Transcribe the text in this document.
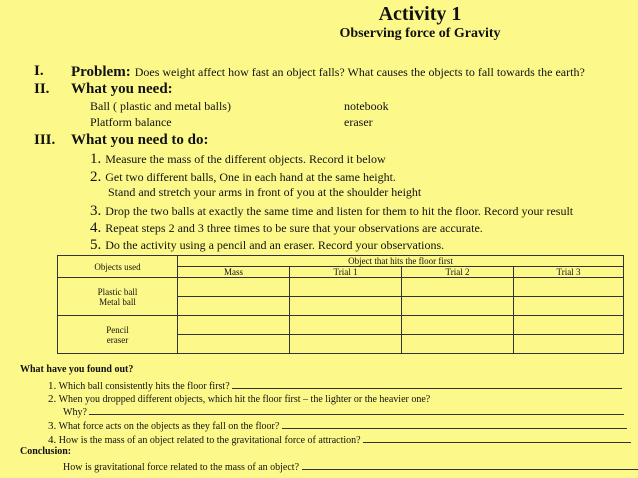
Activity 1
Observing force of Gravity
I. Problem: Does weight affect how fast an object falls? What causes the objects to fall towards the earth?
II. What you need:
Ball ( plastic and metal balls)	notebook
Platform balance	eraser
III. What you need to do:
1. Measure the mass of the different objects. Record it below
2. Get two different balls, One in each hand at the same height.
Stand and stretch your arms in front of you at the shoulder height
3. Drop the two balls at exactly the same time and listen for them to hit the floor. Record your result
4. Repeat steps 2 and 3 three times to be sure that your observations are accurate.
5. Do the activity using a pencil and an eraser. Record your observations.
Objects used	Object that hits the floor first			
	Mass	Trial 1	Trial 2	Trial 3

Plastic ball
Metal ball				

Pencil
eraser				

What have you found out?
1. Which ball consistently hits the floor first?
2. When you dropped different objects, which hit the floor first – the lighter or the heavier one?
Why?
3. What force acts on the objects as they fall on the floor?
4. How is the mass of an object related to the gravitational force of attraction?
Conclusion:
How is gravitational force related to the mass of an object?
